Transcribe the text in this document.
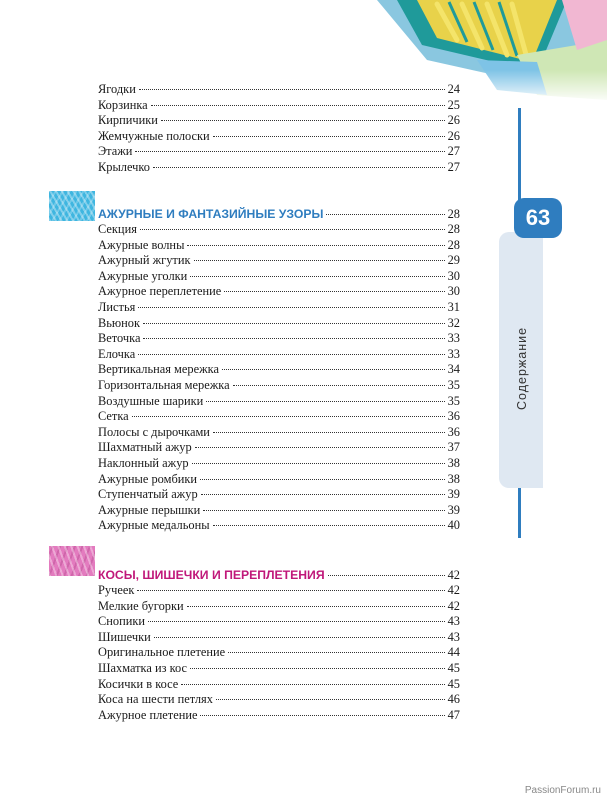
Содержание
63
Ягодки	24
Корзинка	25
Кирпичики	26
Жемчужные полоски	26
Этажи	27
Крылечко	27
АЖУРНЫЕ И ФАНТАЗИЙНЫЕ УЗОРЫ	28
Секция	28
Ажурные волны	28
Ажурный жгутик	29
Ажурные уголки	30
Ажурное переплетение	30
Листья	31
Вьюнок	32
Веточка	33
Елочка	33
Вертикальная мережка	34
Горизонтальная мережка	35
Воздушные шарики	35
Сетка	36
Полосы с дырочками	36
Шахматный ажур	37
Наклонный ажур	38
Ажурные ромбики	38
Ступенчатый ажур	39
Ажурные перышки	39
Ажурные медальоны	40
КОСЫ, ШИШЕЧКИ И ПЕРЕПЛЕТЕНИЯ	42
Ручеек	42
Мелкие бугорки	42
Снопики	43
Шишечки	43
Оригинальное плетение	44
Шахматка из кос	45
Косички в косе	45
Коса на шести петлях	46
Ажурное плетение	47
PassionForum.ru
